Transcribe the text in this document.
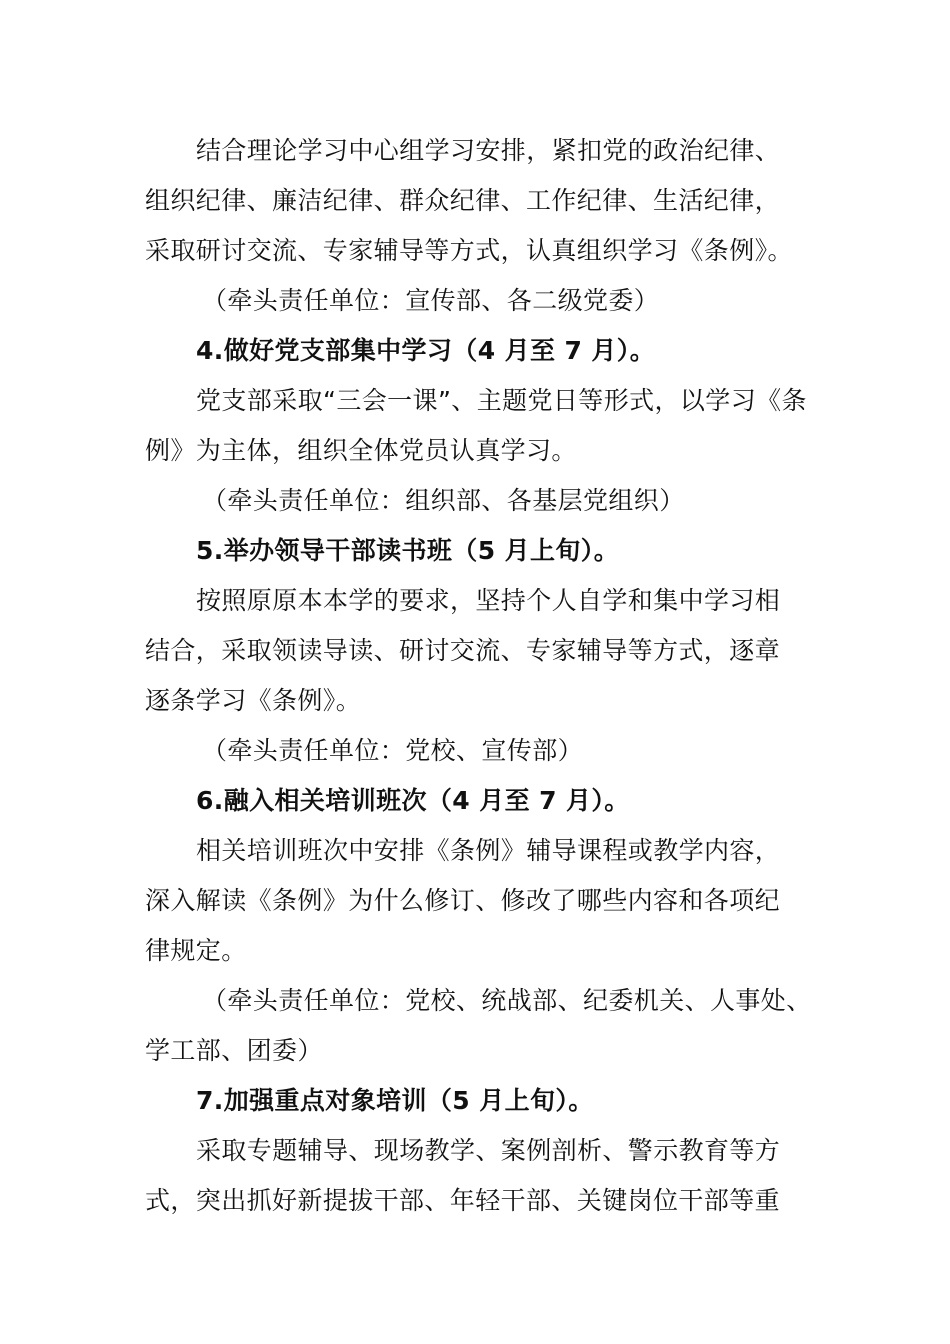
结合理论学习中心组学习安排，紧扣党的政治纪律、
组织纪律、廉洁纪律、群众纪律、工作纪律、生活纪律，
采取研讨交流、专家辅导等方式，认真组织学习《条例》。
（牵头责任单位：宣传部、各二级党委）
4.做好党支部集中学习（4 月至 7 月）。
党支部采取“三会一课”、主题党日等形式，以学习《条
例》为主体，组织全体党员认真学习。
（牵头责任单位：组织部、各基层党组织）
5.举办领导干部读书班（5 月上旬）。
按照原原本本学的要求，坚持个人自学和集中学习相
结合，采取领读导读、研讨交流、专家辅导等方式，逐章
逐条学习《条例》。
（牵头责任单位：党校、宣传部）
6.融入相关培训班次（4 月至 7 月）。
相关培训班次中安排《条例》辅导课程或教学内容，
深入解读《条例》为什么修订、修改了哪些内容和各项纪
律规定。
（牵头责任单位：党校、统战部、纪委机关、人事处、
学工部、团委）
7.加强重点对象培训（5 月上旬）。
采取专题辅导、现场教学、案例剖析、警示教育等方
式，突出抓好新提拔干部、年轻干部、关键岗位干部等重
